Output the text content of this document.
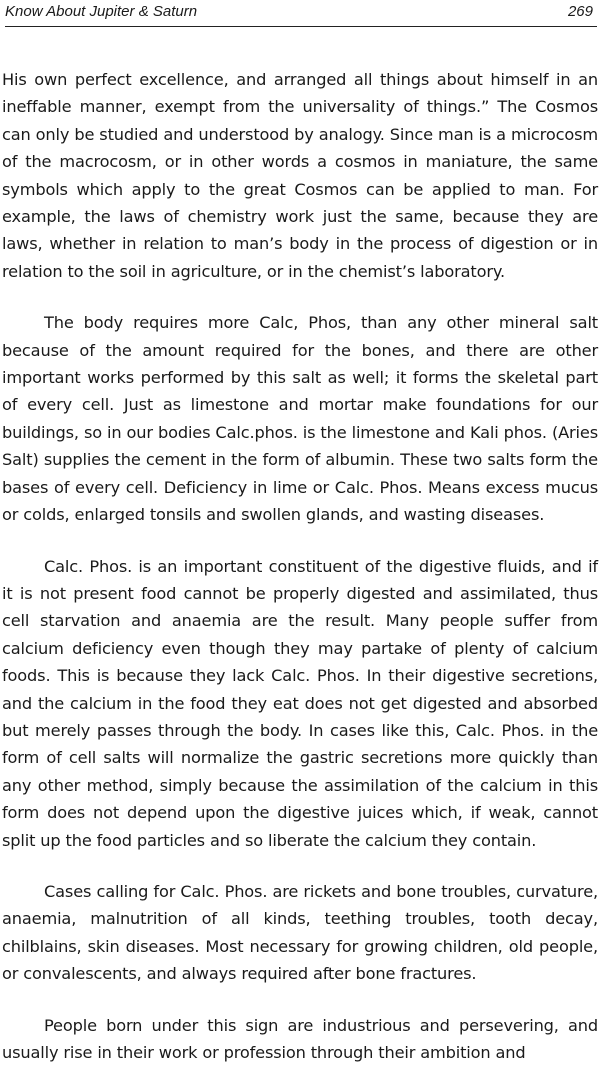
Know About Jupiter & Saturn	269

His own perfect excellence, and arranged all things about himself in an ineffable manner, exempt from the universality of things.” The Cosmos can only be studied and understood by analogy. Since man is a microcosm of the macrocosm, or in other words a cosmos in maniature, the same symbols which apply to the great Cosmos can be applied to man. For example, the laws of chemistry work just the same, because they are laws, whether in relation to man’s body in the process of digestion or in relation to the soil in agriculture, or in the chemist’s laboratory.

The body requires more Calc, Phos, than any other mineral salt because of the amount required for the bones, and there are other important works performed by this salt as well; it forms the skeletal part of every cell. Just as limestone and mortar make foundations for our buildings, so in our bodies Calc.phos. is the limestone and Kali phos. (Aries Salt) supplies the cement in the form of albumin. These two salts form the bases of every cell. Deficiency in lime or Calc. Phos. Means excess mucus or colds, enlarged tonsils and swollen glands, and wasting diseases.

Calc. Phos. is an important constituent of the digestive fluids, and if it is not present food cannot be properly digested and assimilated, thus cell starvation and anaemia are the result. Many people suffer from calcium deficiency even though they may partake of plenty of calcium foods. This is because they lack Calc. Phos. In their digestive secretions, and the calcium in the food they eat does not get digested and absorbed but merely passes through the body. In cases like this, Calc. Phos. in the form of cell salts will normalize the gastric secretions more quickly than any other method, simply because the assimilation of the calcium in this form does not depend upon the digestive juices which, if weak, cannot split up the food particles and so liberate the calcium they contain.

Cases calling for Calc. Phos. are rickets and bone troubles, curvature, anaemia, malnutrition of all kinds, teething troubles, tooth decay, chilblains, skin diseases. Most necessary for growing children, old people, or convalescents, and always required after bone fractures.

People born under this sign are industrious and persevering, and usually rise in their work or profession through their ambition and
